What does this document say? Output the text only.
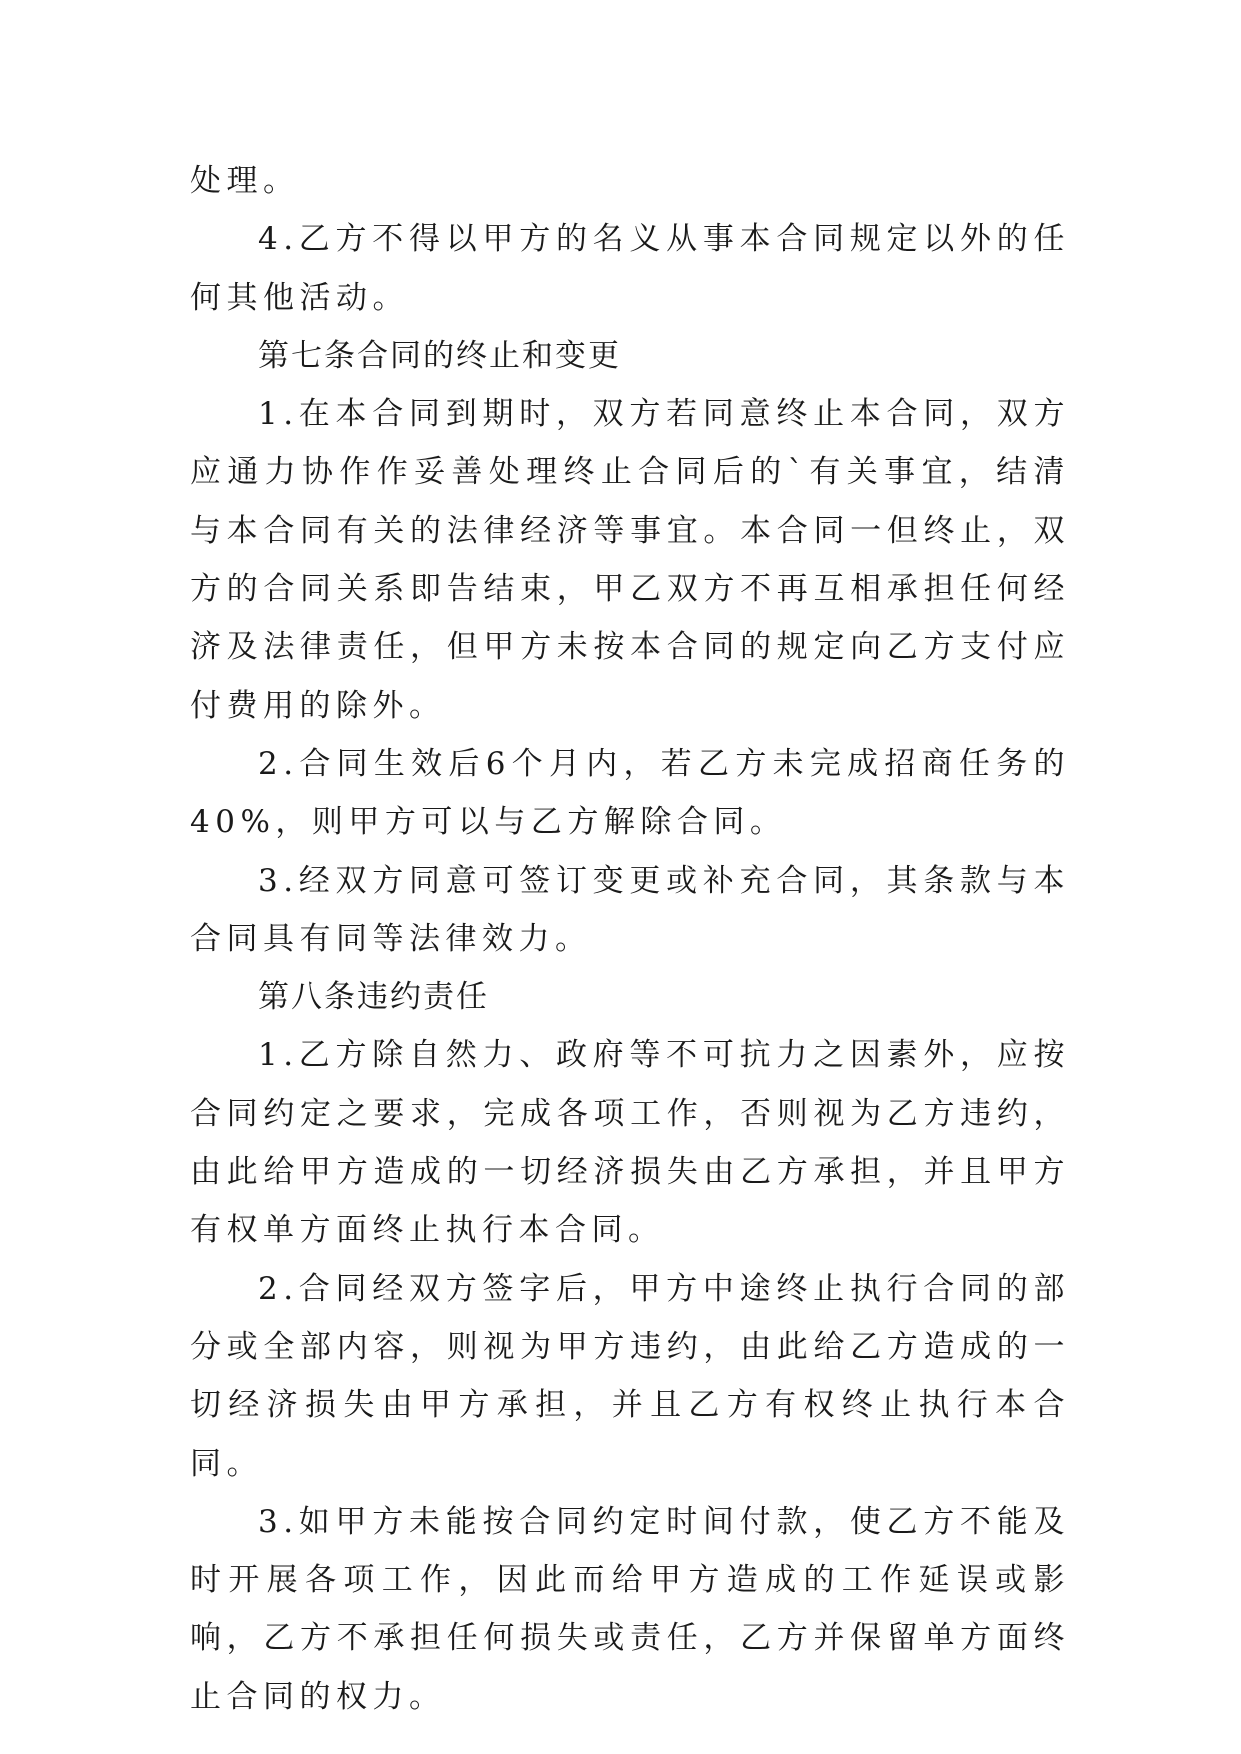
处理。

4.乙方不得以甲方的名义从事本合同规定以外的任何其他活动。

第七条合同的终止和变更

1.在本合同到期时，双方若同意终止本合同，双方应通力协作作妥善处理终止合同后的`有关事宜，结清与本合同有关的法律经济等事宜。本合同一但终止，双方的合同关系即告结束，甲乙双方不再互相承担任何经济及法律责任，但甲方未按本合同的规定向乙方支付应付费用的除外。

2.合同生效后6个月内，若乙方未完成招商任务的40%，则甲方可以与乙方解除合同。

3.经双方同意可签订变更或补充合同，其条款与本合同具有同等法律效力。

第八条违约责任

1.乙方除自然力、政府等不可抗力之因素外，应按合同约定之要求，完成各项工作，否则视为乙方违约，由此给甲方造成的一切经济损失由乙方承担，并且甲方有权单方面终止执行本合同。

2.合同经双方签字后，甲方中途终止执行合同的部分或全部内容，则视为甲方违约，由此给乙方造成的一切经济损失由甲方承担，并且乙方有权终止执行本合同。

3.如甲方未能按合同约定时间付款，使乙方不能及时开展各项工作，因此而给甲方造成的工作延误或影响，乙方不承担任何损失或责任，乙方并保留单方面终止合同的权力。
